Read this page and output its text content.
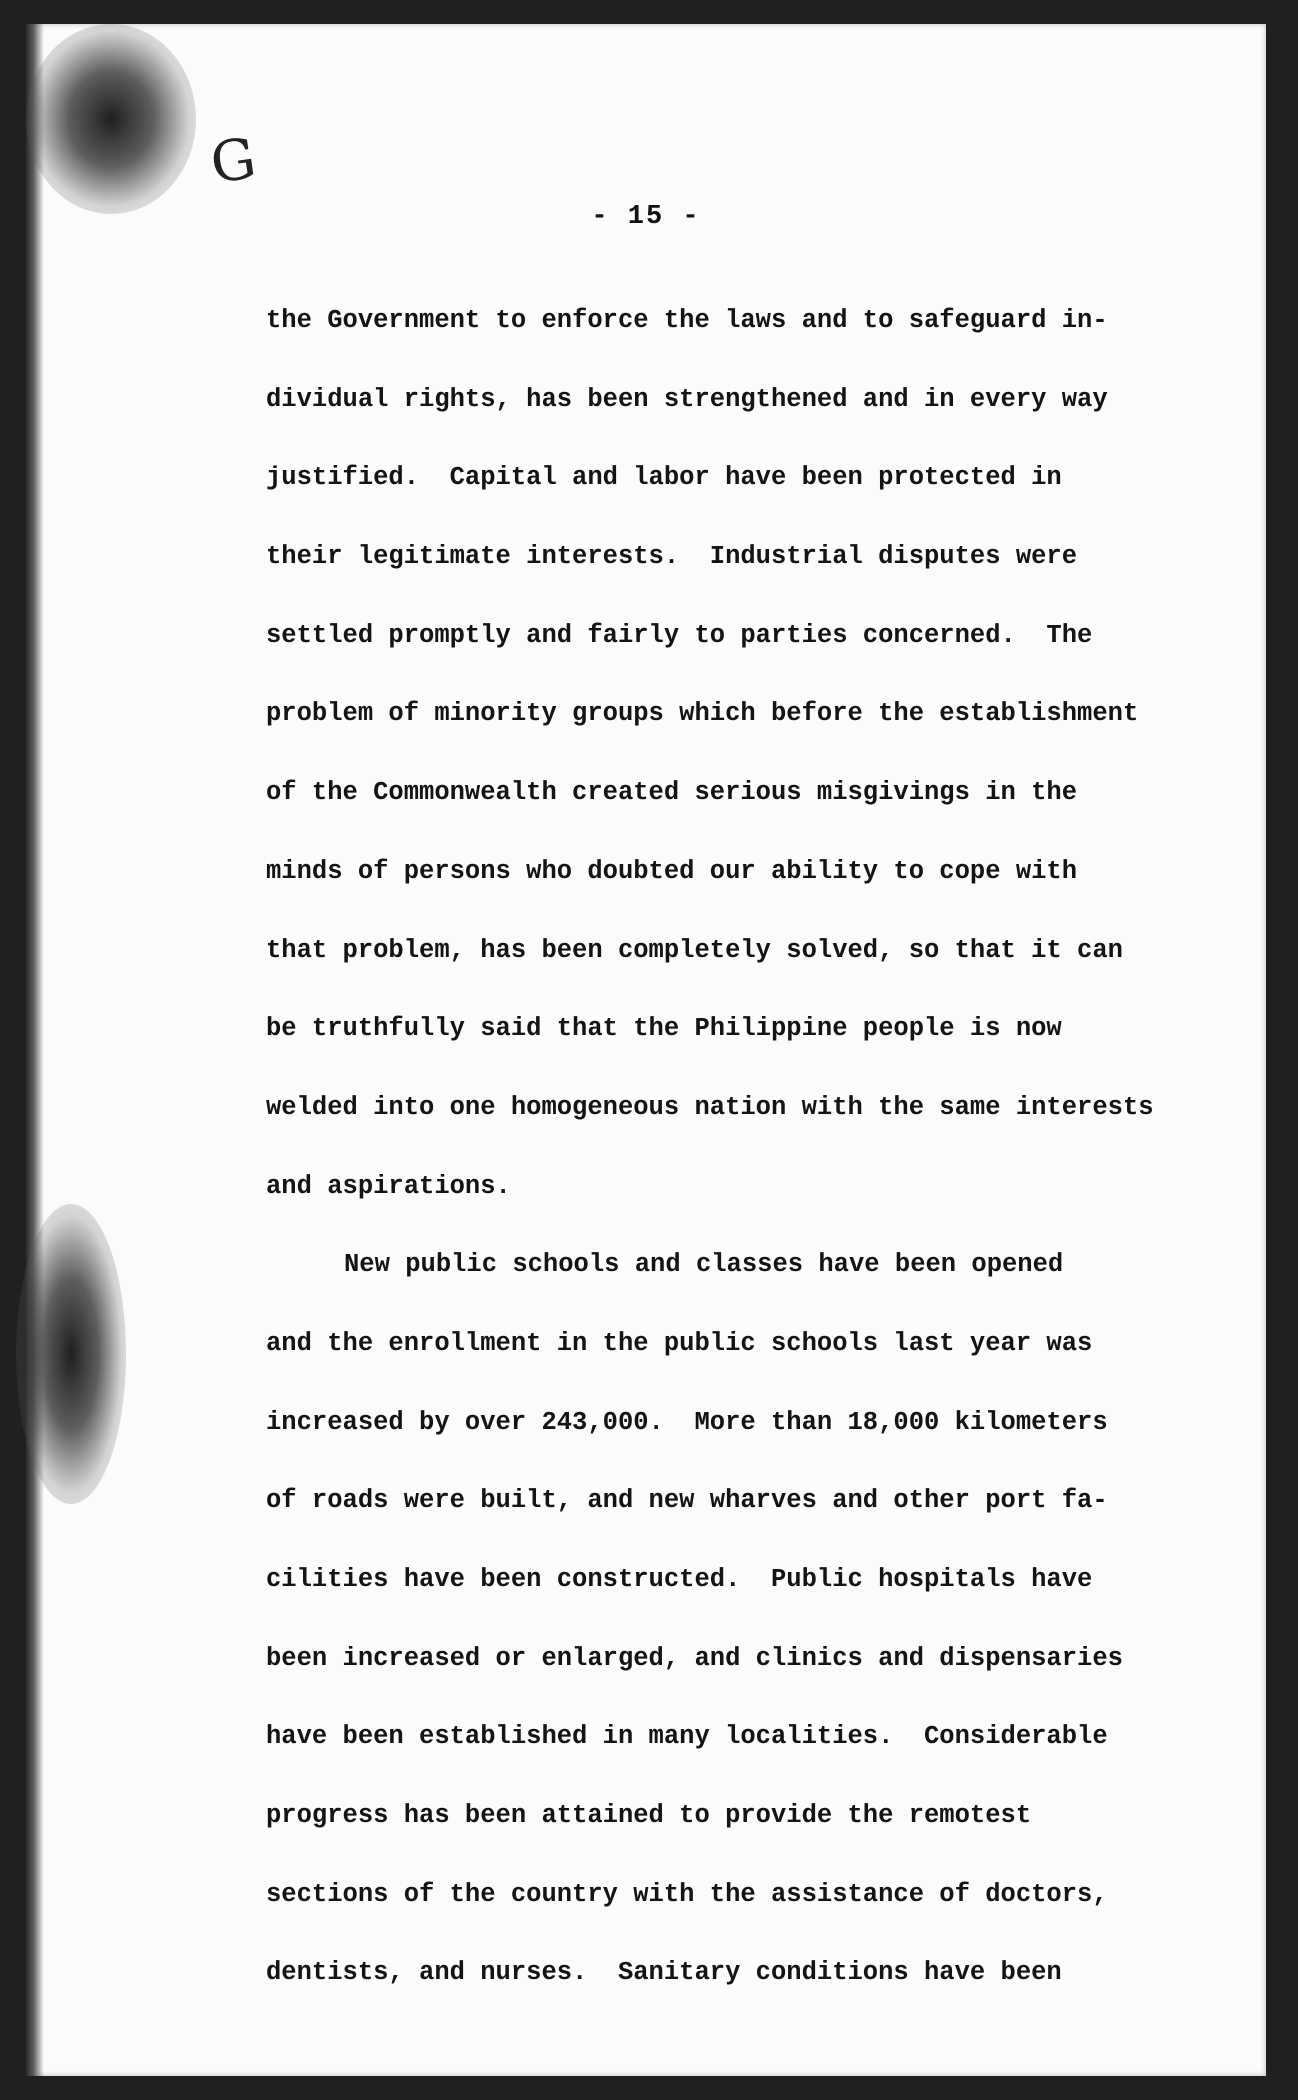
G
- 15 -
the Government to enforce the laws and to safeguard in-
dividual rights, has been strengthened and in every way
justified.  Capital and labor have been protected in
their legitimate interests.  Industrial disputes were
settled promptly and fairly to parties concerned.  The
problem of minority groups which before the establishment
of the Commonwealth created serious misgivings in the
minds of persons who doubted our ability to cope with
that problem, has been completely solved, so that it can
be truthfully said that the Philippine people is now
welded into one homogeneous nation with the same interests
and aspirations.
New public schools and classes have been opened
and the enrollment in the public schools last year was
increased by over 243,000.  More than 18,000 kilometers
of roads were built, and new wharves and other port fa-
cilities have been constructed.  Public hospitals have
been increased or enlarged, and clinics and dispensaries
have been established in many localities.  Considerable
progress has been attained to provide the remotest
sections of the country with the assistance of doctors,
dentists, and nurses.  Sanitary conditions have been
